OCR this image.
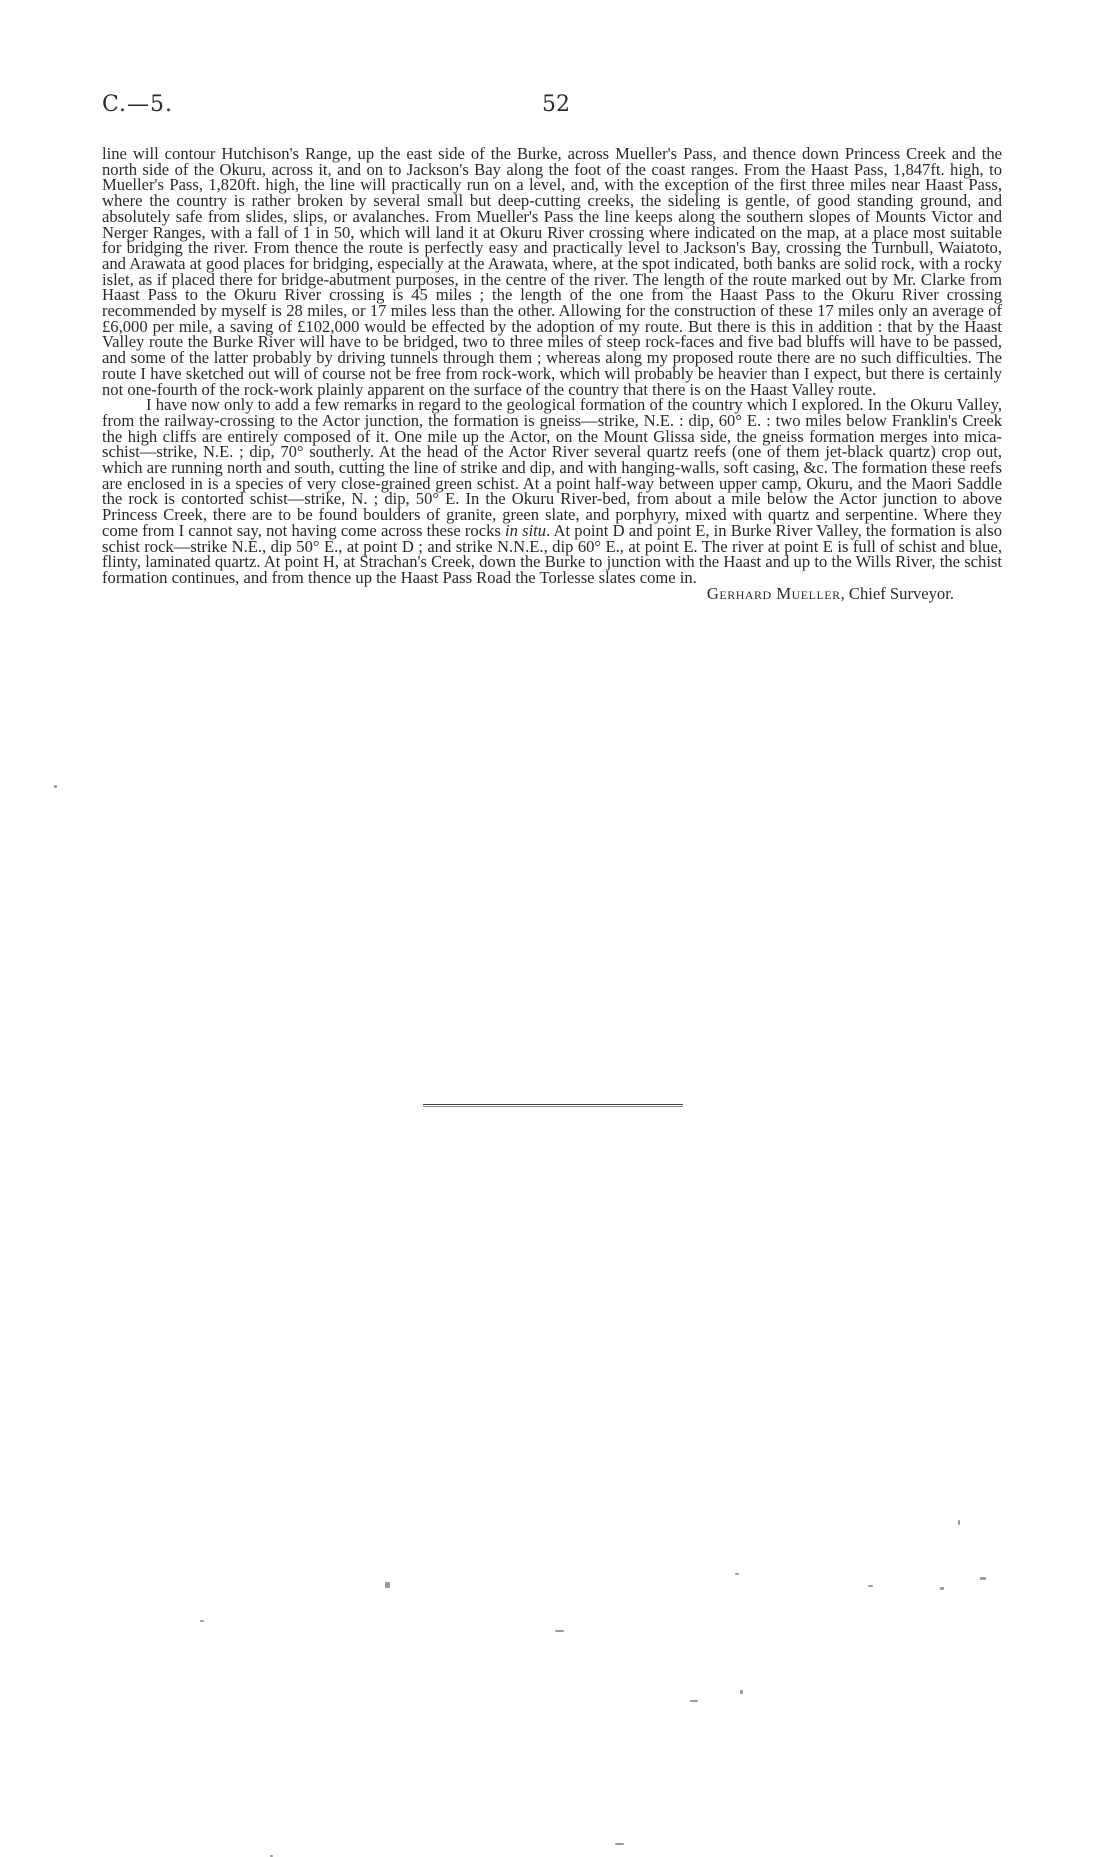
C.—5.	52

line will contour Hutchison's Range, up the east side of the Burke, across Mueller's Pass, and thence down Princess Creek and the north side of the Okuru, across it, and on to Jackson's Bay along the foot of the coast ranges. From the Haast Pass, 1,847ft. high, to Mueller's Pass, 1,820ft. high, the line will practically run on a level, and, with the exception of the first three miles near Haast Pass, where the country is rather broken by several small but deep-cutting creeks, the sideling is gentle, of good standing ground, and absolutely safe from slides, slips, or avalanches. From Mueller's Pass the line keeps along the southern slopes of Mounts Victor and Nerger Ranges, with a fall of 1 in 50, which will land it at Okuru River crossing where indicated on the map, at a place most suitable for bridging the river. From thence the route is perfectly easy and practically level to Jackson's Bay, crossing the Turnbull, Waiatoto, and Arawata at good places for bridging, especially at the Arawata, where, at the spot indicated, both banks are solid rock, with a rocky islet, as if placed there for bridge-abutment purposes, in the centre of the river. The length of the route marked out by Mr. Clarke from Haast Pass to the Okuru River crossing is 45 miles ; the length of the one from the Haast Pass to the Okuru River crossing recommended by myself is 28 miles, or 17 miles less than the other. Allowing for the construction of these 17 miles only an average of £6,000 per mile, a saving of £102,000 would be effected by the adoption of my route. But there is this in addition : that by the Haast Valley route the Burke River will have to be bridged, two to three miles of steep rock-faces and five bad bluffs will have to be passed, and some of the latter probably by driving tunnels through them ; whereas along my proposed route there are no such difficulties. The route I have sketched out will of course not be free from rock-work, which will probably be heavier than I expect, but there is certainly not one-fourth of the rock-work plainly apparent on the surface of the country that there is on the Haast Valley route.

I have now only to add a few remarks in regard to the geological formation of the country which I explored. In the Okuru Valley, from the railway-crossing to the Actor junction, the formation is gneiss—strike, N.E. : dip, 60° E. : two miles below Franklin's Creek the high cliffs are entirely composed of it. One mile up the Actor, on the Mount Glissa side, the gneiss formation merges into mica-schist—strike, N.E. ; dip, 70° southerly. At the head of the Actor River several quartz reefs (one of them jet-black quartz) crop out, which are running north and south, cutting the line of strike and dip, and with hanging-walls, soft casing, &c. The formation these reefs are enclosed in is a species of very close-grained green schist. At a point half-way between upper camp, Okuru, and the Maori Saddle the rock is contorted schist—strike, N. ; dip, 50° E. In the Okuru River-bed, from about a mile below the Actor junction to above Princess Creek, there are to be found boulders of granite, green slate, and porphyry, mixed with quartz and serpentine. Where they come from I cannot say, not having come across these rocks in situ. At point D and point E, in Burke River Valley, the formation is also schist rock—strike N.E., dip 50° E., at point D ; and strike N.N.E., dip 60° E., at point E. The river at point E is full of schist and blue, flinty, laminated quartz. At point H, at Strachan's Creek, down the Burke to junction with the Haast and up to the Wills River, the schist formation continues, and from thence up the Haast Pass Road the Torlesse slates come in.
Gerhard Mueller, Chief Surveyor.
